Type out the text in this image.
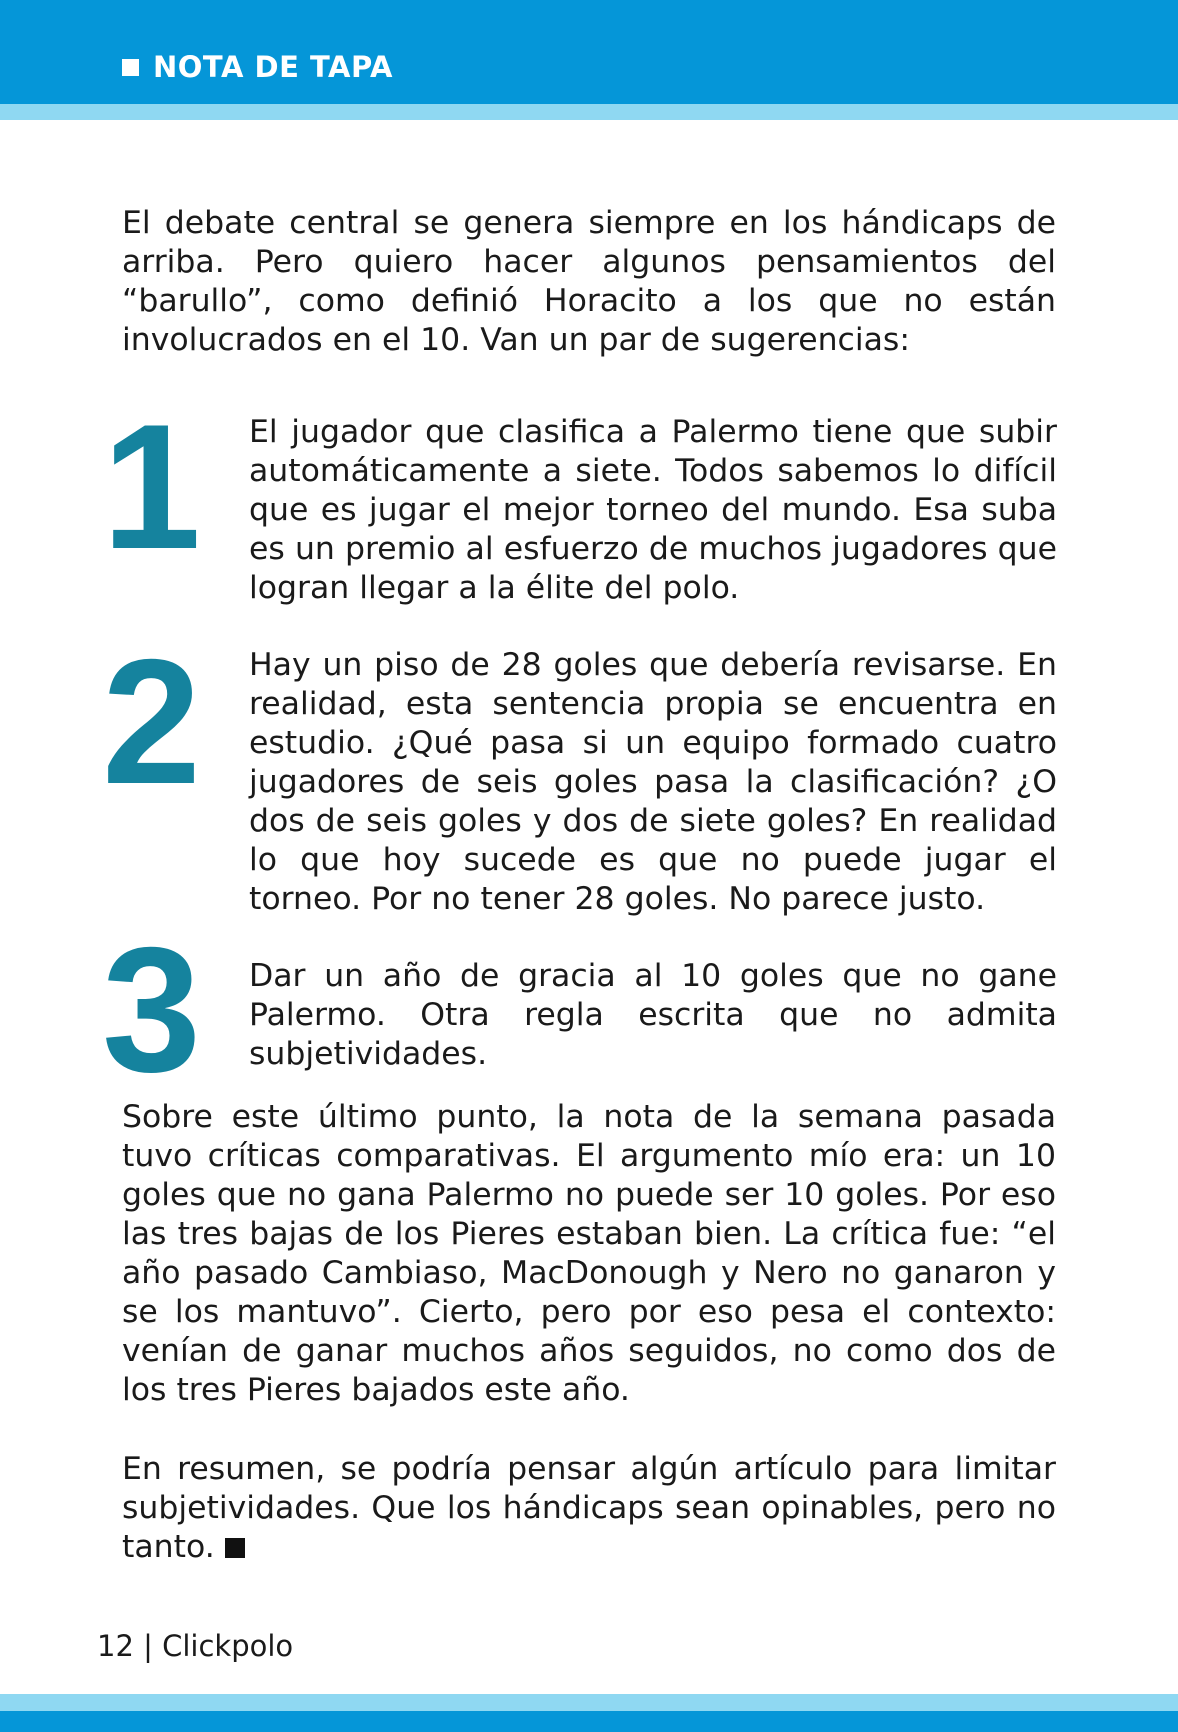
NOTA DE TAPA

El debate central se genera siempre en los hándicaps de arriba. Pero quiero hacer algunos pensamientos del “barullo”, como definió Horacito a los que no están involucrados en el 10. Van un par de sugerencias:

1 El jugador que clasifica a Palermo tiene que subir automáticamente a siete. Todos sabemos lo difícil que es jugar el mejor torneo del mundo. Esa suba es un premio al esfuerzo de muchos jugadores que logran llegar a la élite del polo.

2 Hay un piso de 28 goles que debería revisarse. En realidad, esta sentencia propia se encuentra en estudio. ¿Qué pasa si un equipo formado cuatro jugadores de seis goles pasa la clasificación? ¿O dos de seis goles y dos de siete goles? En realidad lo que hoy sucede es que no puede jugar el torneo. Por no tener 28 goles. No parece justo.

3 Dar un año de gracia al 10 goles que no gane Palermo. Otra regla escrita que no admita subjetividades.

Sobre este último punto, la nota de la semana pasada tuvo críticas comparativas. El argumento mío era: un 10 goles que no gana Palermo no puede ser 10 goles. Por eso las tres bajas de los Pieres estaban bien. La crítica fue: “el año pasado Cambiaso, MacDonough y Nero no ganaron y se los mantuvo”. Cierto, pero por eso pesa el contexto: venían de ganar muchos años seguidos, no como dos de los tres Pieres bajados este año.

En resumen, se podría pensar algún artículo para limitar subjetividades. Que los hándicaps sean opinables, pero no tanto.

12 | Clickpolo
